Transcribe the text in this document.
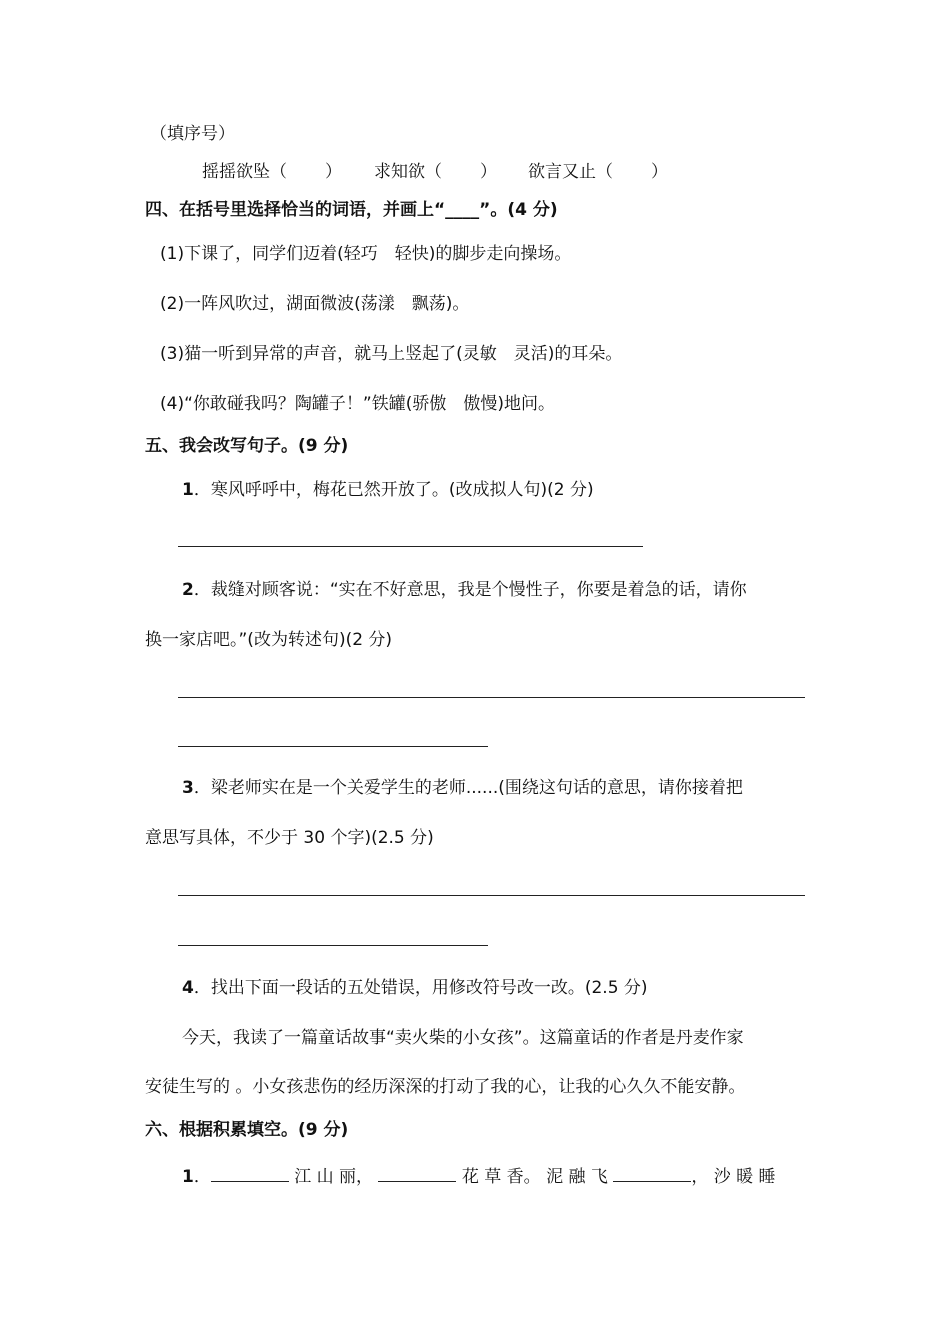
（填序号）
摇摇欲坠（ ） 求知欲（ ） 欲言又止（ ）
四、在括号里选择恰当的词语，并画上“____”。(4 分)
(1)下课了，同学们迈着(轻巧　轻快)的脚步走向操场。
(2)一阵风吹过，湖面微波(荡漾　飘荡)。
(3)猫一听到异常的声音，就马上竖起了(灵敏　灵活)的耳朵。
(4)“你敢碰我吗？陶罐子！”铁罐(骄傲　傲慢)地问。
五、我会改写句子。(9 分)
1．寒风呼呼中，梅花已然开放了。(改成拟人句)(2 分)
2．裁缝对顾客说：“实在不好意思，我是个慢性子，你要是着急的话，请你
换一家店吧。”(改为转述句)(2 分)
3．梁老师实在是一个关爱学生的老师......(围绕这句话的意思，请你接着把
意思写具体，不少于 30 个字)(2.5 分)
4．找出下面一段话的五处错误，用修改符号改一改。(2.5 分)
今天，我读了一篇童话故事“卖火柴的小女孩”。这篇童话的作者是丹麦作家
安徒生写的 。小女孩悲伤的经历深深的打动了我的心，让我的心久久不能安静。
六、根据积累填空。(9 分)
1．	江 山 丽，	花 草 香。 泥 融 飞	， 沙 暖 睡
